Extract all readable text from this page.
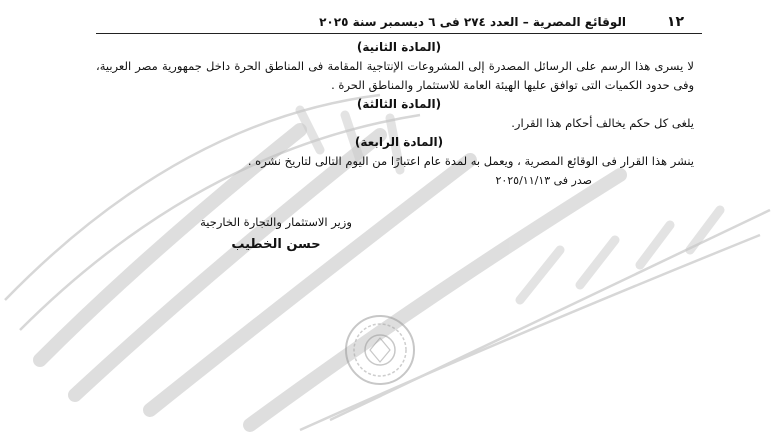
١٢
الوقائع المصرية – العدد ٢٧٤ فى ٦ ديسمبر سنة ٢٠٢٥
(المادة الثانية)
لا يسرى هذا الرسم على الرسائل المصدرة إلى المشروعات الإنتاجية المقامة فى المناطق الحرة داخل جمهورية مصر العربية، وفى حدود الكميات التى توافق عليها الهيئة العامة للاستثمار والمناطق الحرة .
(المادة الثالثة)
يلغى كل حكم يخالف أحكام هذا القرار.
(المادة الرابعة)
ينشر هذا القرار فى الوقائع المصرية ، ويعمل به لمدة عام اعتبارًا من اليوم التالى لتاريخ نشره .
صدر فى ٢٠٢٥/١١/١٣
وزير الاستثمار والتجارة الخارجية
حسن الخطيب
